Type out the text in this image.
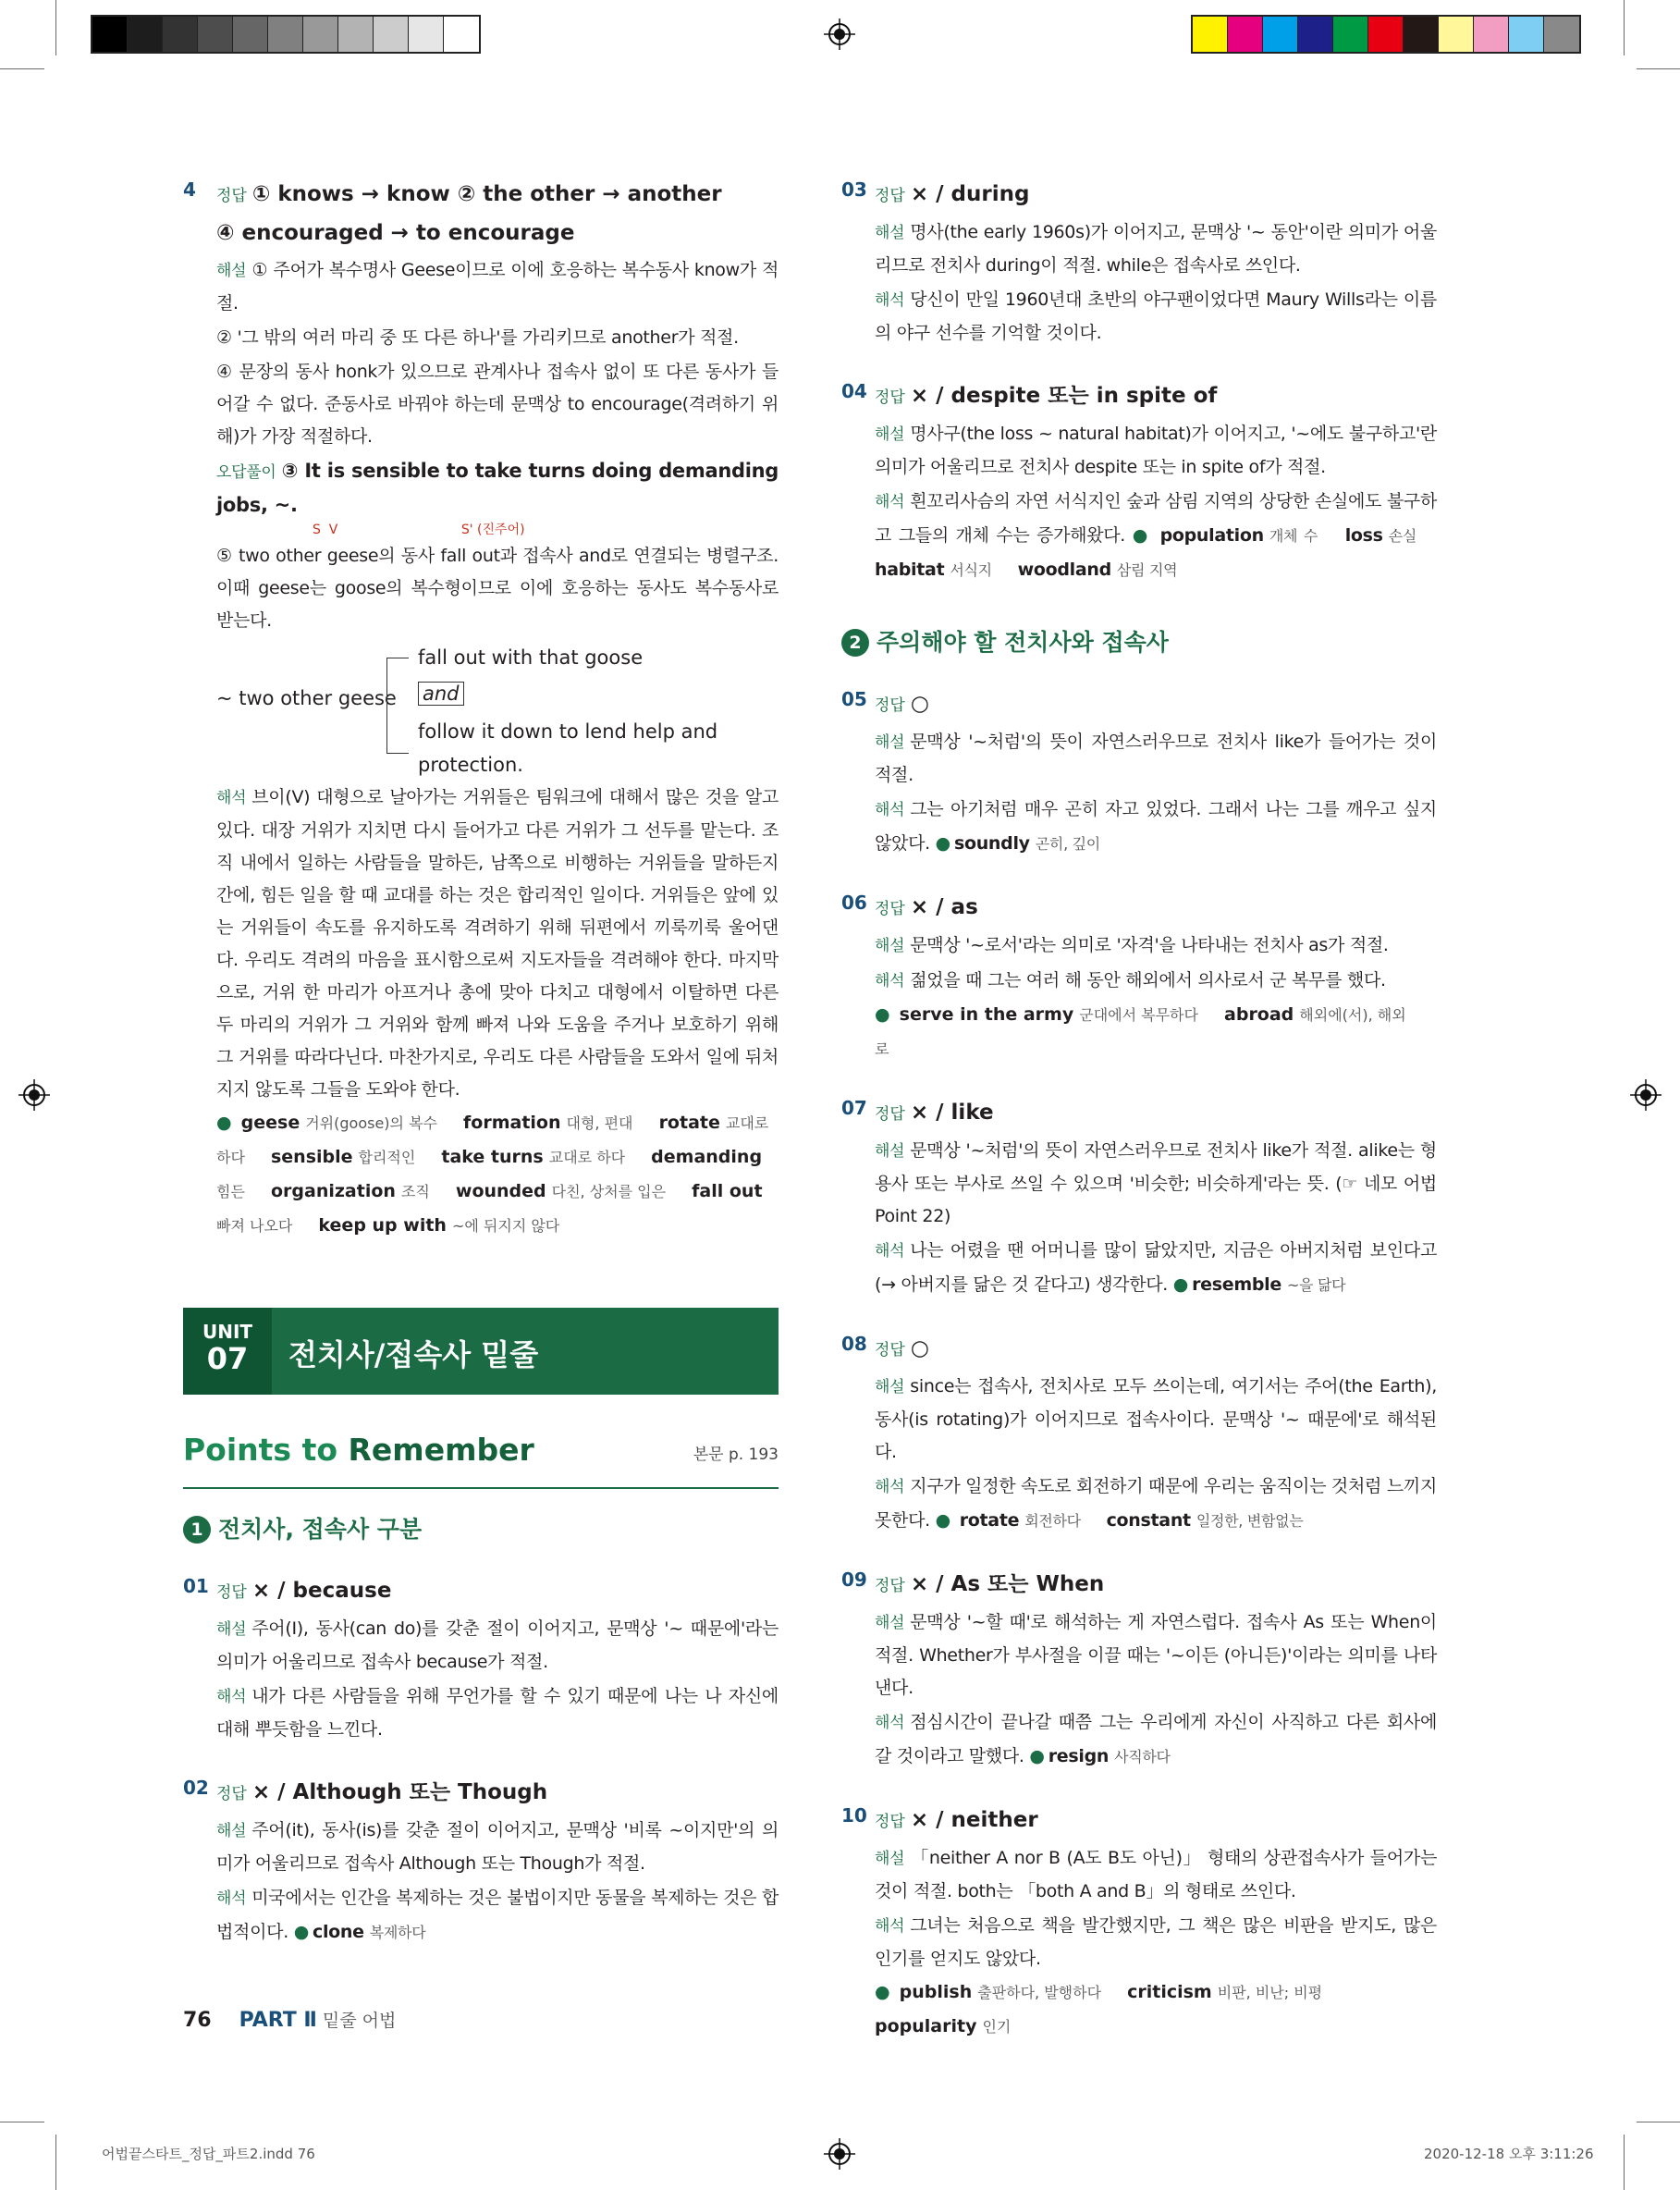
4 정답 ① knows → know ② the other → another
④ encouraged → to encourage
해설 ① 주어가 복수명사 Geese이므로 이에 호응하는 복수동사 know가 적절.
② '그 밖의 여러 마리 중 또 다른 하나'를 가리키므로 another가 적절.
④ 문장의 동사 honk가 있으므로 관계사나 접속사 없이 또 다른 동사가 들어갈 수 없다. 준동사로 바꿔야 하는데 문맥상 to encourage(격려하기 위해)가 가장 적절하다.
오답풀이 ③ It is sensible to take turns doing demanding jobs, ~.
S  V                              S' (진주어)
⑤ two other geese의 동사 fall out과 접속사 and로 연결되는 병렬구조. 이때 geese는 goose의 복수형이므로 이에 호응하는 동사도 복수동사로 받는다.
~ two other geese
fall out with that goose
and
follow it down to lend help and protection.
해석 브이(V) 대형으로 날아가는 거위들은 팀워크에 대해서 많은 것을 알고 있다. 대장 거위가 지치면 다시 들어가고 다른 거위가 그 선두를 맡는다. 조직 내에서 일하는 사람들을 말하든, 남쪽으로 비행하는 거위들을 말하든지 간에, 힘든 일을 할 때 교대를 하는 것은 합리적인 일이다. 거위들은 앞에 있는 거위들이 속도를 유지하도록 격려하기 위해 뒤편에서 끼룩끼룩 울어댄다. 우리도 격려의 마음을 표시함으로써 지도자들을 격려해야 한다. 마지막으로, 거위 한 마리가 아프거나 총에 맞아 다치고 대형에서 이탈하면 다른 두 마리의 거위가 그 거위와 함께 빠져 나와 도움을 주거나 보호하기 위해 그 거위를 따라다닌다. 마찬가지로, 우리도 다른 사람들을 도와서 일에 뒤처지지 않도록 그들을 도와야 한다.
● geese 거위(goose)의 복수 formation 대형, 편대 rotate 교대로 하다 sensible 합리적인 take turns 교대로 하다 demanding힘든 organization 조직 wounded 다친, 상처를 입은 fall out빠져 나오다 keep up with ~에 뒤지지 않다
UNIT
07	전치사/접속사 밑줄
Points to Remember	본문 p. 193
1 전치사, 접속사 구분
01 정답 × / because
해설 주어(I), 동사(can do)를 갖춘 절이 이어지고, 문맥상 '~ 때문에'라는 의미가 어울리므로 접속사 because가 적절.
해석 내가 다른 사람들을 위해 무언가를 할 수 있기 때문에 나는 나 자신에 대해 뿌듯함을 느낀다.
02 정답 × / Although 또는 Though
해설 주어(it), 동사(is)를 갖춘 절이 이어지고, 문맥상 '비록 ~이지만'의 의미가 어울리므로 접속사 Although 또는 Though가 적절.
해석 미국에서는 인간을 복제하는 것은 불법이지만 동물을 복제하는 것은 합법적이다. ● clone 복제하다
03 정답 × / during
해설 명사(the early 1960s)가 이어지고, 문맥상 '~ 동안'이란 의미가 어울리므로 전치사 during이 적절. while은 접속사로 쓰인다.
해석 당신이 만일 1960년대 초반의 야구팬이었다면 Maury Wills라는 이름의 야구 선수를 기억할 것이다.
04 정답 × / despite 또는 in spite of
해설 명사구(the loss ~ natural habitat)가 이어지고, '~에도 불구하고'란 의미가 어울리므로 전치사 despite 또는 in spite of가 적절.
해석 흰꼬리사슴의 자연 서식지인 숲과 삼림 지역의 상당한 손실에도 불구하고 그들의 개체 수는 증가해왔다. ● population 개체 수 loss 손실 habitat 서식지 woodland 삼림 지역
2 주의해야 할 전치사와 접속사
05 정답 ○
해설 문맥상 '~처럼'의 뜻이 자연스러우므로 전치사 like가 들어가는 것이 적절.
해석 그는 아기처럼 매우 곤히 자고 있었다. 그래서 나는 그를 깨우고 싶지 않았다. ● soundly 곤히, 깊이
06 정답 × / as
해설 문맥상 '~로서'라는 의미로 '자격'을 나타내는 전치사 as가 적절.
해석 젊었을 때 그는 여러 해 동안 해외에서 의사로서 군 복무를 했다.
● serve in the army 군대에서 복무하다 abroad 해외에(서), 해외로
07 정답 × / like
해설 문맥상 '~처럼'의 뜻이 자연스러우므로 전치사 like가 적절. alike는 형용사 또는 부사로 쓰일 수 있으며 '비슷한; 비슷하게'라는 뜻. (☞ 네모 어법 Point 22)
해석 나는 어렸을 땐 어머니를 많이 닮았지만, 지금은 아버지처럼 보인다고(→ 아버지를 닮은 것 같다고) 생각한다. ● resemble ~을 닮다
08 정답 ○
해설 since는 접속사, 전치사로 모두 쓰이는데, 여기서는 주어(the Earth), 동사(is rotating)가 이어지므로 접속사이다. 문맥상 '~ 때문에'로 해석된다.
해석 지구가 일정한 속도로 회전하기 때문에 우리는 움직이는 것처럼 느끼지 못한다. ● rotate 회전하다 constant 일정한, 변함없는
09 정답 × / As 또는 When
해설 문맥상 '~할 때'로 해석하는 게 자연스럽다. 접속사 As 또는 When이 적절. Whether가 부사절을 이끌 때는 '~이든 (아니든)'이라는 의미를 나타낸다.
해석 점심시간이 끝나갈 때쯤 그는 우리에게 자신이 사직하고 다른 회사에 갈 것이라고 말했다. ● resign 사직하다
10 정답 × / neither
해설 「neither A nor B (A도 B도 아닌)」 형태의 상관접속사가 들어가는 것이 적절. both는 「both A and B」의 형태로 쓰인다.
해석 그녀는 처음으로 책을 발간했지만, 그 책은 많은 비판을 받지도, 많은 인기를 얻지도 않았다.
● publish 출판하다, 발행하다 criticism 비판, 비난; 비평 popularity 인기
76 PART Ⅱ 밑줄 어법
어법끝스타트_정답_파트2.indd 76	2020-12-18 오후 3:11:26
